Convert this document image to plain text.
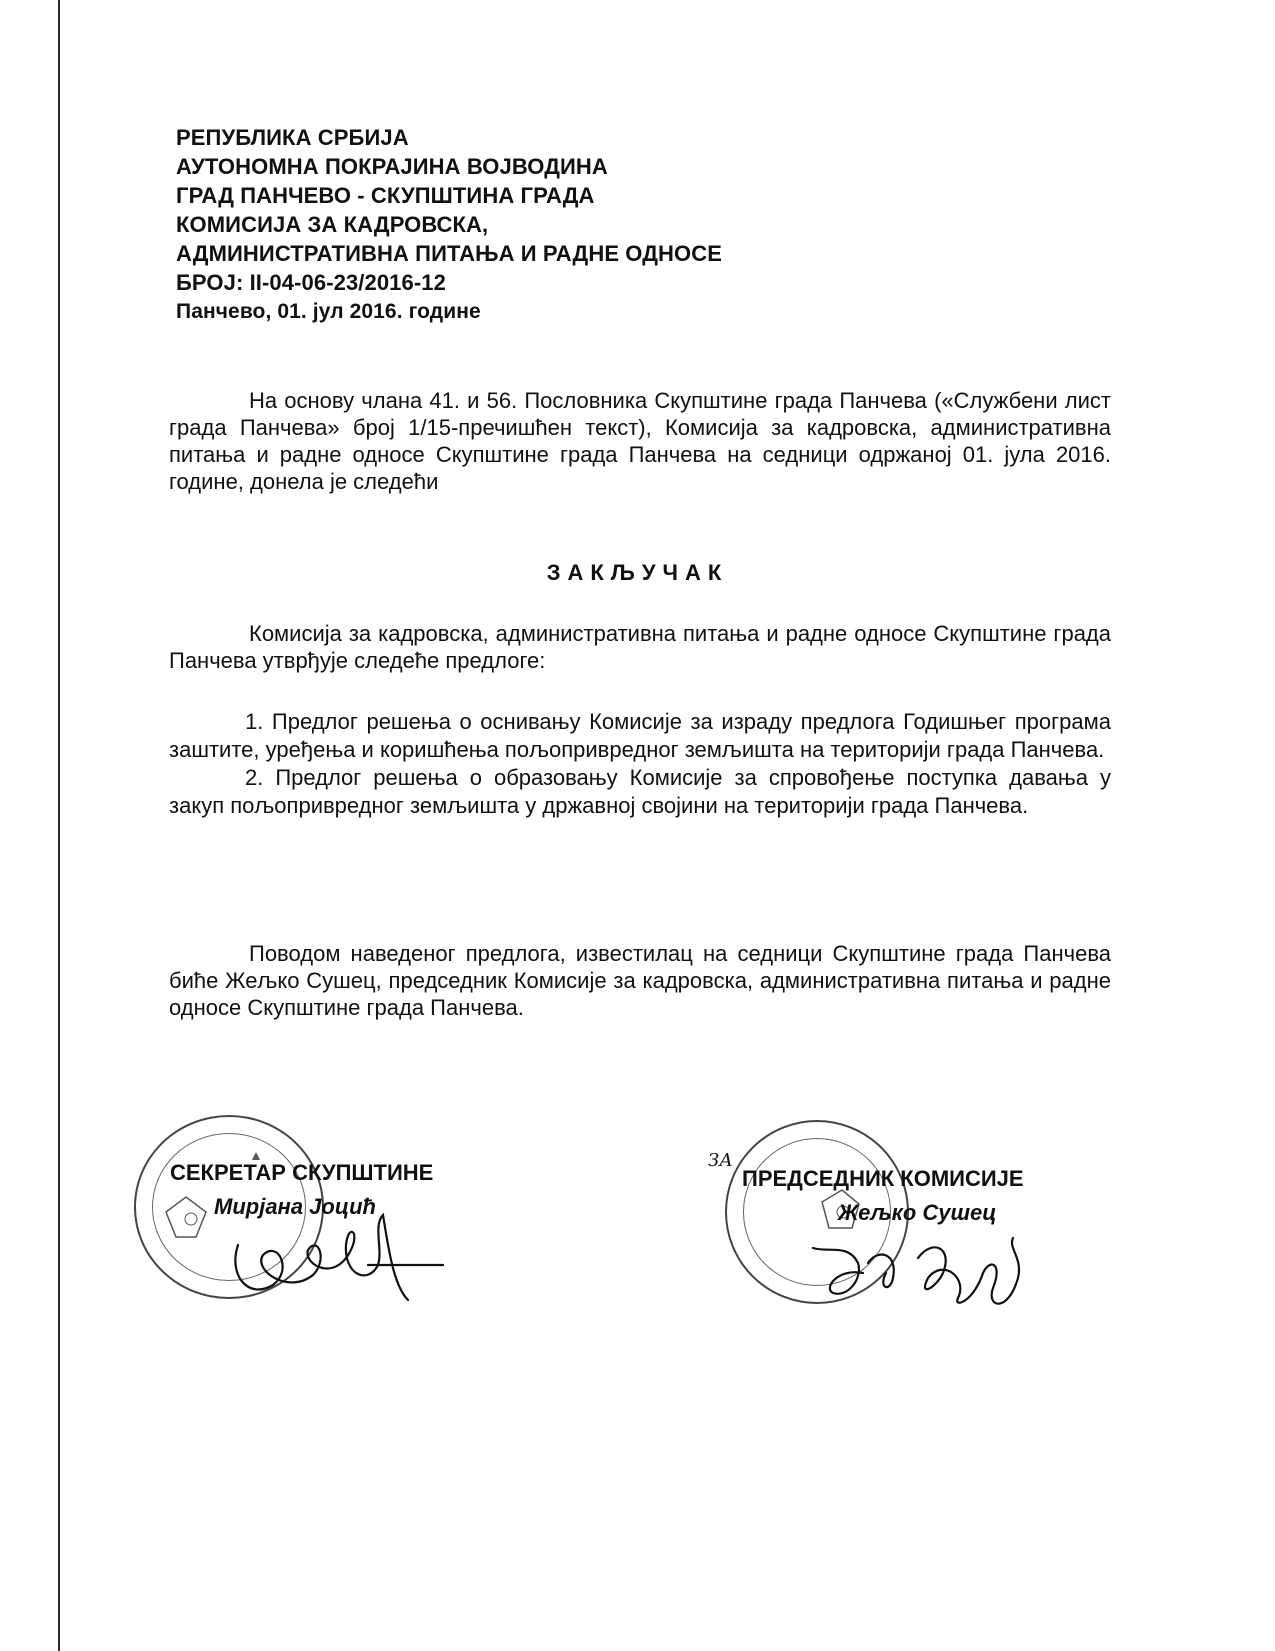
РЕПУБЛИКА СРБИЈА
АУТОНОМНА ПОКРАЈИНА ВОЈВОДИНА
ГРАД ПАНЧЕВО - СКУПШТИНА ГРАДА
КОМИСИЈА ЗА КАДРОВСКА,
АДМИНИСТРАТИВНА ПИТАЊА И РАДНЕ ОДНОСЕ
БРОЈ: II-04-06-23/2016-12
Панчево, 01. јул 2016. године
На основу члана 41. и 56. Пословника Скупштине града Панчева («Службени лист града Панчева» број 1/15-пречишћен текст), Комисија за кадровска, административна питања и радне односе Скупштине града Панчева на седници одржаној 01. јула 2016. године, донела је следећи
ЗАКЉУЧАК
Комисија за кадровска, административна питања и радне односе Скупштине града Панчева утврђује следеће предлоге:
1. Предлог решења о оснивању Комисије за израду предлога Годишњег програма заштите, уређења и коришћења пољопривредног земљишта на територији града Панчева.
2. Предлог решења о образовању Комисије за спровођење поступка давања у закуп пољопривредног земљишта у државној својини на територији града Панчева.
Поводом наведеног предлога, известилац на седници Скупштине града Панчева биће Жељко Сушец, председник Комисије за кадровска, административна питања и радне односе Скупштине града Панчева.
ЗА
СЕКРЕТАР СКУПШТИНЕ
Мирјана Јоцић
ПРЕДСЕДНИК КОМИСИЈЕ
Жељко Сушец
